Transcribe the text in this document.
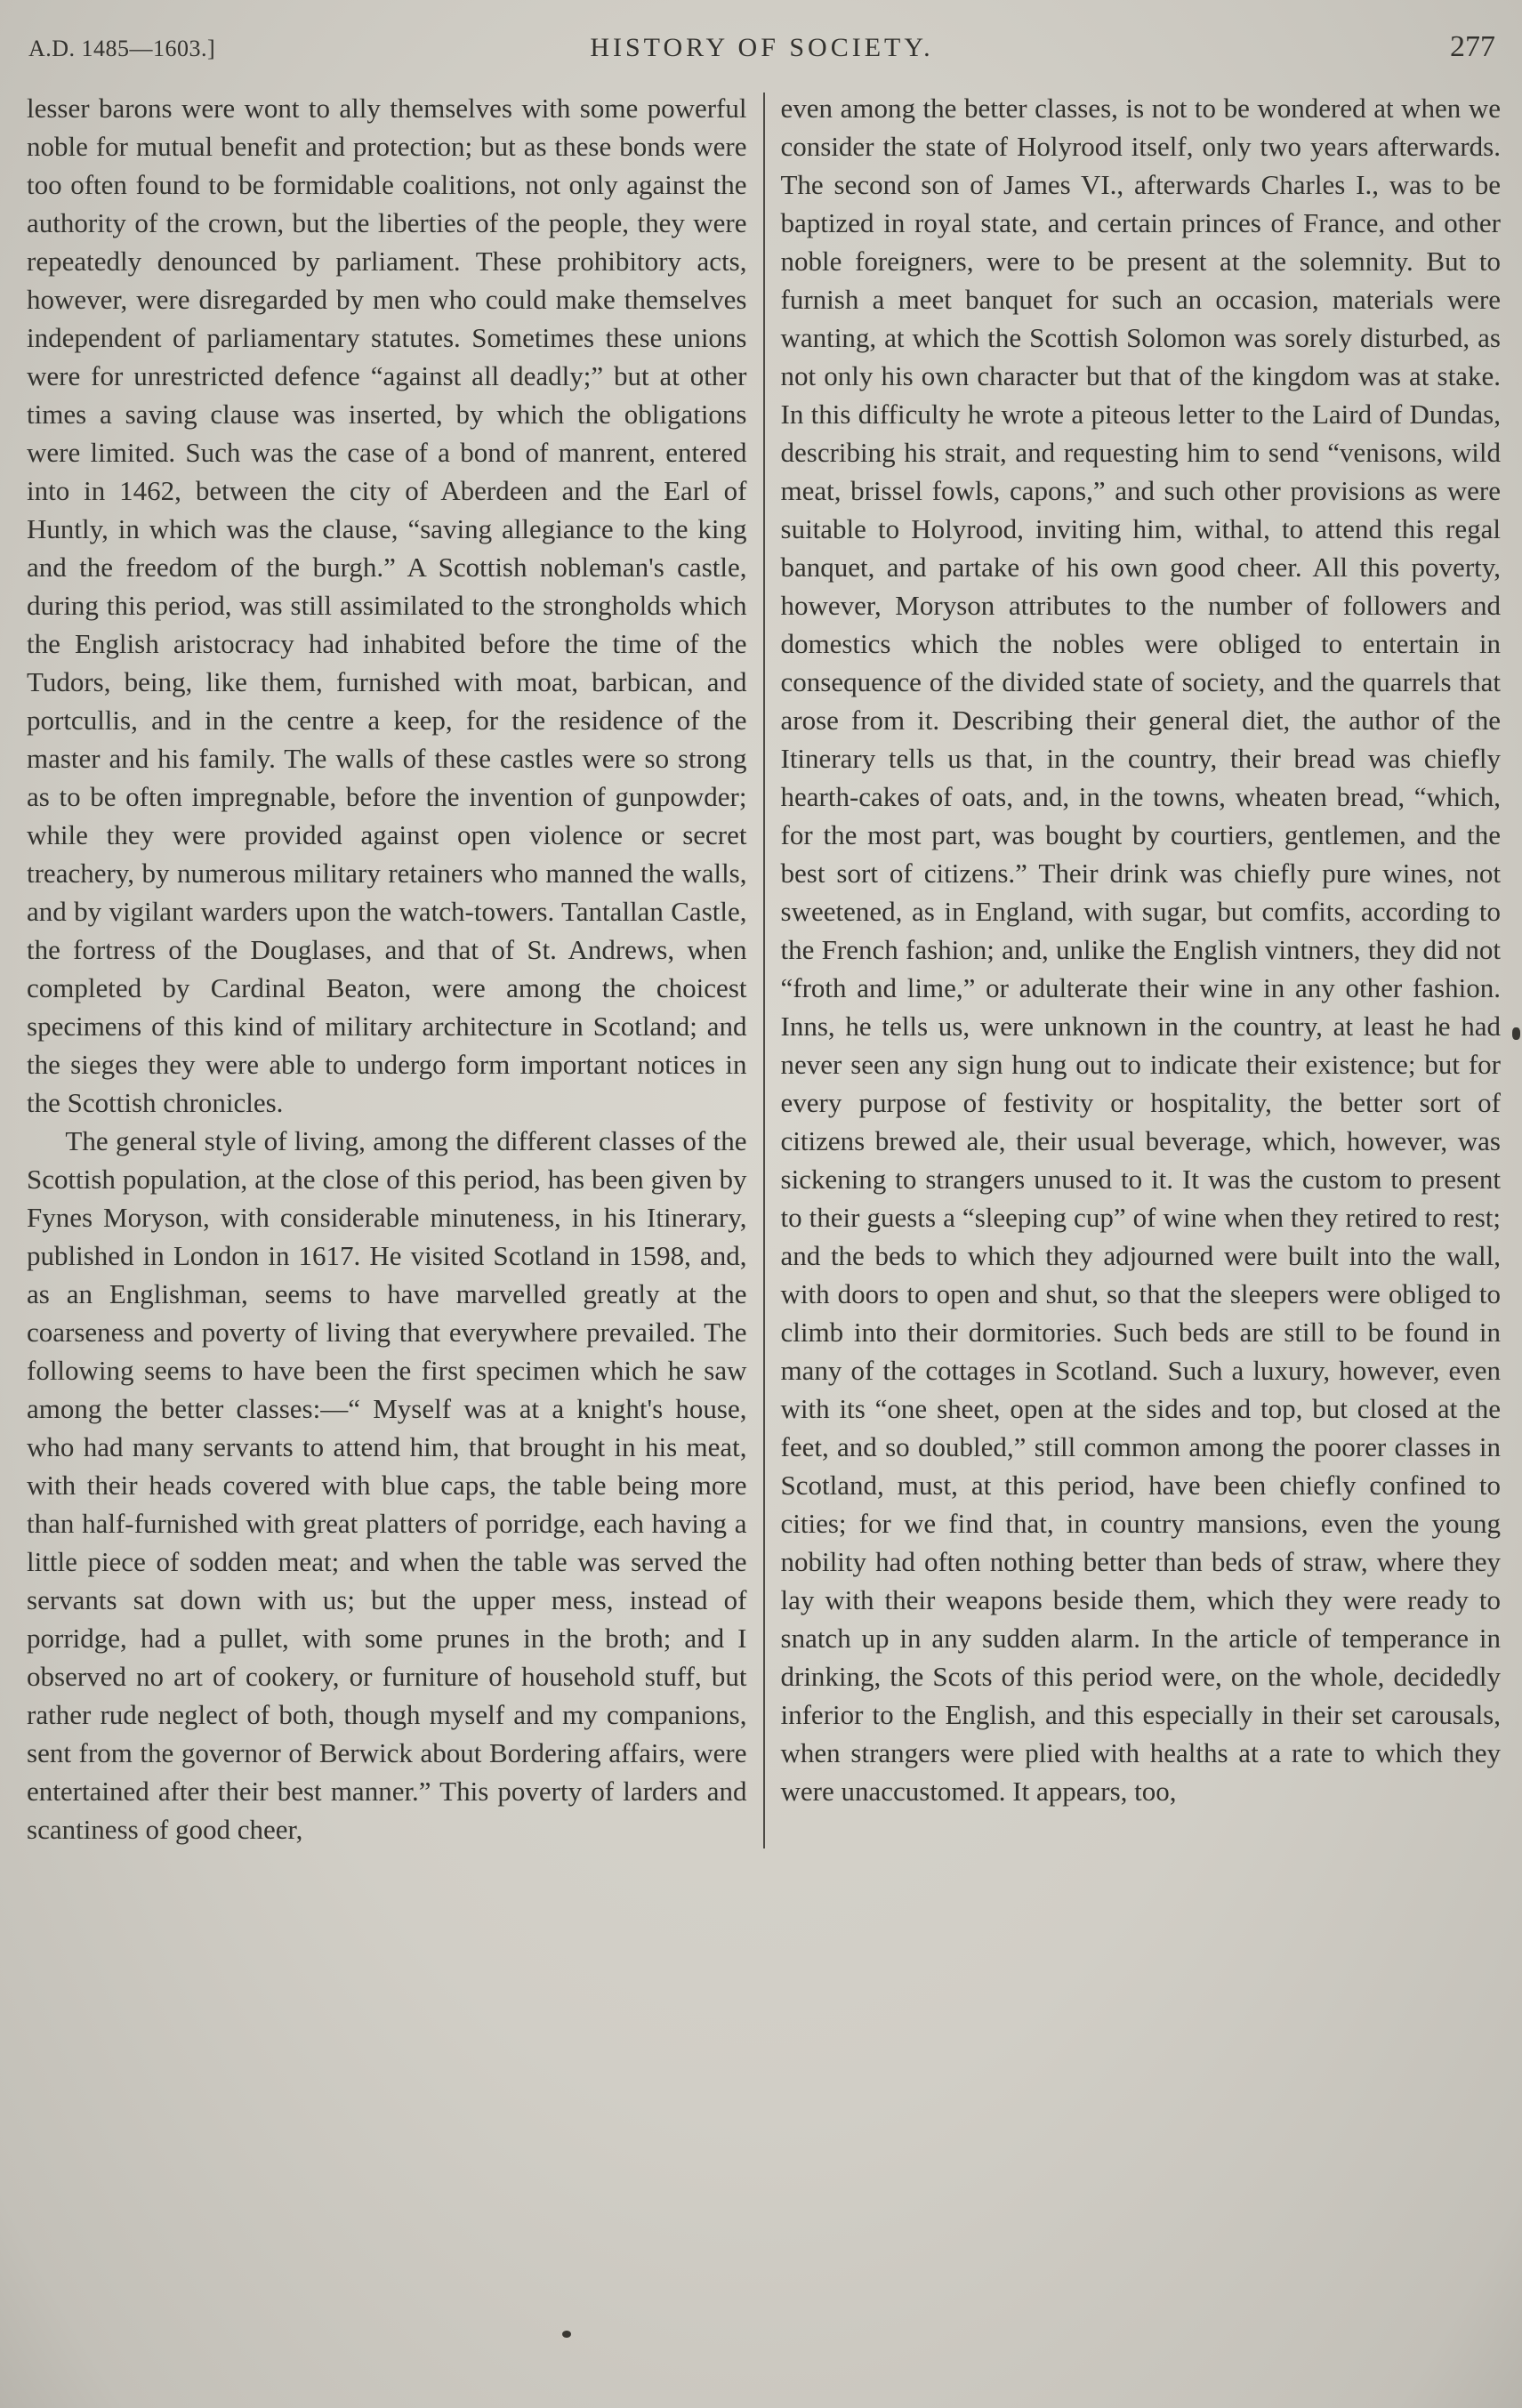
A.D. 1485—1603.]	HISTORY OF SOCIETY.	277

lesser barons were wont to ally themselves with some powerful noble for mutual benefit and protection; but as these bonds were too often found to be formidable coalitions, not only against the authority of the crown, but the liberties of the people, they were repeatedly denounced by parliament. These prohibitory acts, however, were disregarded by men who could make themselves independent of parliamentary statutes. Sometimes these unions were for unrestricted defence “against all deadly;” but at other times a saving clause was inserted, by which the obligations were limited. Such was the case of a bond of manrent, entered into in 1462, between the city of Aberdeen and the Earl of Huntly, in which was the clause, “saving allegiance to the king and the freedom of the burgh.” A Scottish nobleman's castle, during this period, was still assimilated to the strongholds which the English aristocracy had inhabited before the time of the Tudors, being, like them, furnished with moat, barbican, and portcullis, and in the centre a keep, for the residence of the master and his family. The walls of these castles were so strong as to be often impregnable, before the invention of gunpowder; while they were provided against open violence or secret treachery, by numerous military retainers who manned the walls, and by vigilant warders upon the watch-towers. Tantallan Castle, the fortress of the Douglases, and that of St. Andrews, when completed by Cardinal Beaton, were among the choicest specimens of this kind of military architecture in Scotland; and the sieges they were able to undergo form important notices in the Scottish chronicles.

The general style of living, among the different classes of the Scottish population, at the close of this period, has been given by Fynes Moryson, with considerable minuteness, in his Itinerary, published in London in 1617. He visited Scotland in 1598, and, as an Englishman, seems to have marvelled greatly at the coarseness and poverty of living that everywhere prevailed. The following seems to have been the first specimen which he saw among the better classes:—“ Myself was at a knight's house, who had many servants to attend him, that brought in his meat, with their heads covered with blue caps, the table being more than half-furnished with great platters of porridge, each having a little piece of sodden meat; and when the table was served the servants sat down with us; but the upper mess, instead of porridge, had a pullet, with some prunes in the broth; and I observed no art of cookery, or furniture of household stuff, but rather rude neglect of both, though myself and my companions, sent from the governor of Berwick about Bordering affairs, were entertained after their best manner.” This poverty of larders and scantiness of good cheer,

even among the better classes, is not to be wondered at when we consider the state of Holyrood itself, only two years afterwards. The second son of James VI., afterwards Charles I., was to be baptized in royal state, and certain princes of France, and other noble foreigners, were to be present at the solemnity. But to furnish a meet banquet for such an occasion, materials were wanting, at which the Scottish Solomon was sorely disturbed, as not only his own character but that of the kingdom was at stake. In this difficulty he wrote a piteous letter to the Laird of Dundas, describing his strait, and requesting him to send “venisons, wild meat, brissel fowls, capons,” and such other provisions as were suitable to Holyrood, inviting him, withal, to attend this regal banquet, and partake of his own good cheer. All this poverty, however, Moryson attributes to the number of followers and domestics which the nobles were obliged to entertain in consequence of the divided state of society, and the quarrels that arose from it. Describing their general diet, the author of the Itinerary tells us that, in the country, their bread was chiefly hearth-cakes of oats, and, in the towns, wheaten bread, “which, for the most part, was bought by courtiers, gentlemen, and the best sort of citizens.” Their drink was chiefly pure wines, not sweetened, as in England, with sugar, but comfits, according to the French fashion; and, unlike the English vintners, they did not “froth and lime,” or adulterate their wine in any other fashion. Inns, he tells us, were unknown in the country, at least he had never seen any sign hung out to indicate their existence; but for every purpose of festivity or hospitality, the better sort of citizens brewed ale, their usual beverage, which, however, was sickening to strangers unused to it. It was the custom to present to their guests a “sleeping cup” of wine when they retired to rest; and the beds to which they adjourned were built into the wall, with doors to open and shut, so that the sleepers were obliged to climb into their dormitories. Such beds are still to be found in many of the cottages in Scotland. Such a luxury, however, even with its “one sheet, open at the sides and top, but closed at the feet, and so doubled,” still common among the poorer classes in Scotland, must, at this period, have been chiefly confined to cities; for we find that, in country mansions, even the young nobility had often nothing better than beds of straw, where they lay with their weapons beside them, which they were ready to snatch up in any sudden alarm. In the article of temperance in drinking, the Scots of this period were, on the whole, decidedly inferior to the English, and this especially in their set carousals, when strangers were plied with healths at a rate to which they were unaccustomed. It appears, too,
